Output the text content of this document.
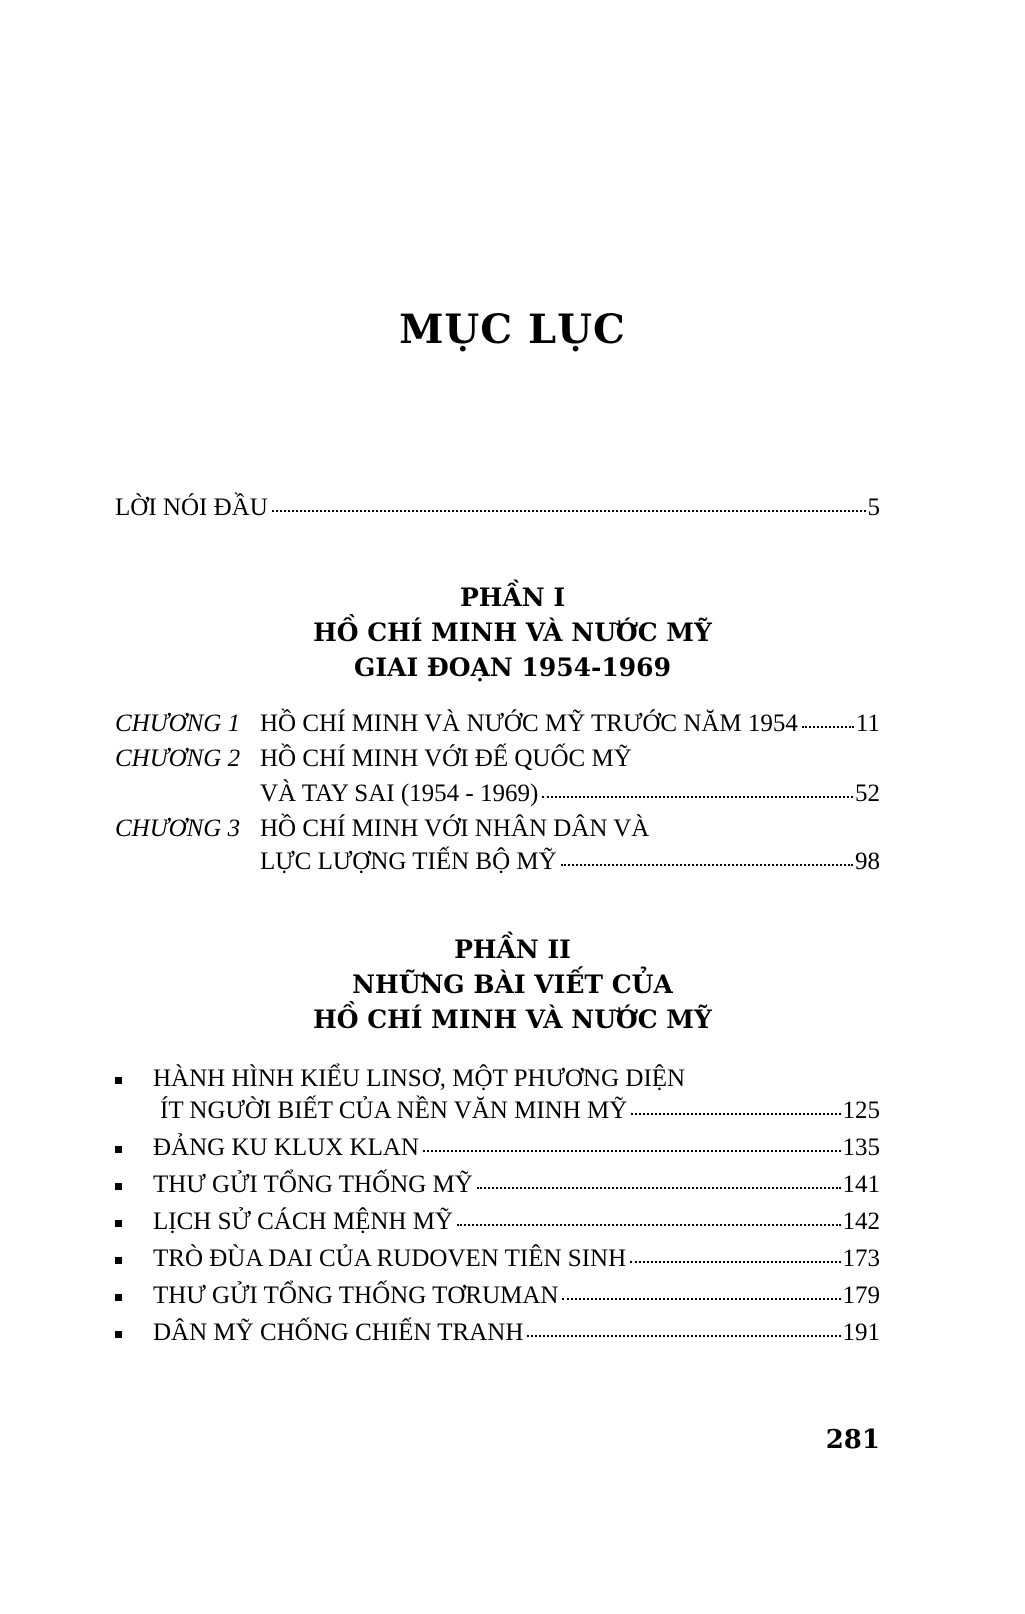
MỤC LỤC
LỜI NÓI ĐẦU	5
PHẦN I
HỒ CHÍ MINH VÀ NƯỚC MỸ
GIAI ĐOẠN 1954-1969
CHƯƠNG 1 HỒ CHÍ MINH VÀ NƯỚC MỸ TRƯỚC NĂM 1954 11
CHƯƠNG 2 HỒ CHÍ MINH VỚI ĐẾ QUỐC MỸ
VÀ TAY SAI (1954 - 1969)	52
CHƯƠNG 3 HỒ CHÍ MINH VỚI NHÂN DÂN VÀ
LỰC LƯỢNG TIẾN BỘ MỸ	98
PHẦN II
NHỮNG BÀI VIẾT CỦA
HỒ CHÍ MINH VÀ NƯỚC MỸ
HÀNH HÌNH KIỂU LINSƠ, MỘT PHƯƠNG DIỆN
ÍT NGƯỜI BIẾT CỦA NỀN VĂN MINH MỸ	125
ĐẢNG KU KLUX KLAN	135
THƯ GỬI TỔNG THỐNG MỸ	141
LỊCH SỬ CÁCH MỆNH MỸ	142
TRÒ ĐÙA DAI CỦA RUDOVEN TIÊN SINH	173
THƯ GỬI TỔNG THỐNG TƠRUMAN	179
DÂN MỸ CHỐNG CHIẾN TRANH	191
281
